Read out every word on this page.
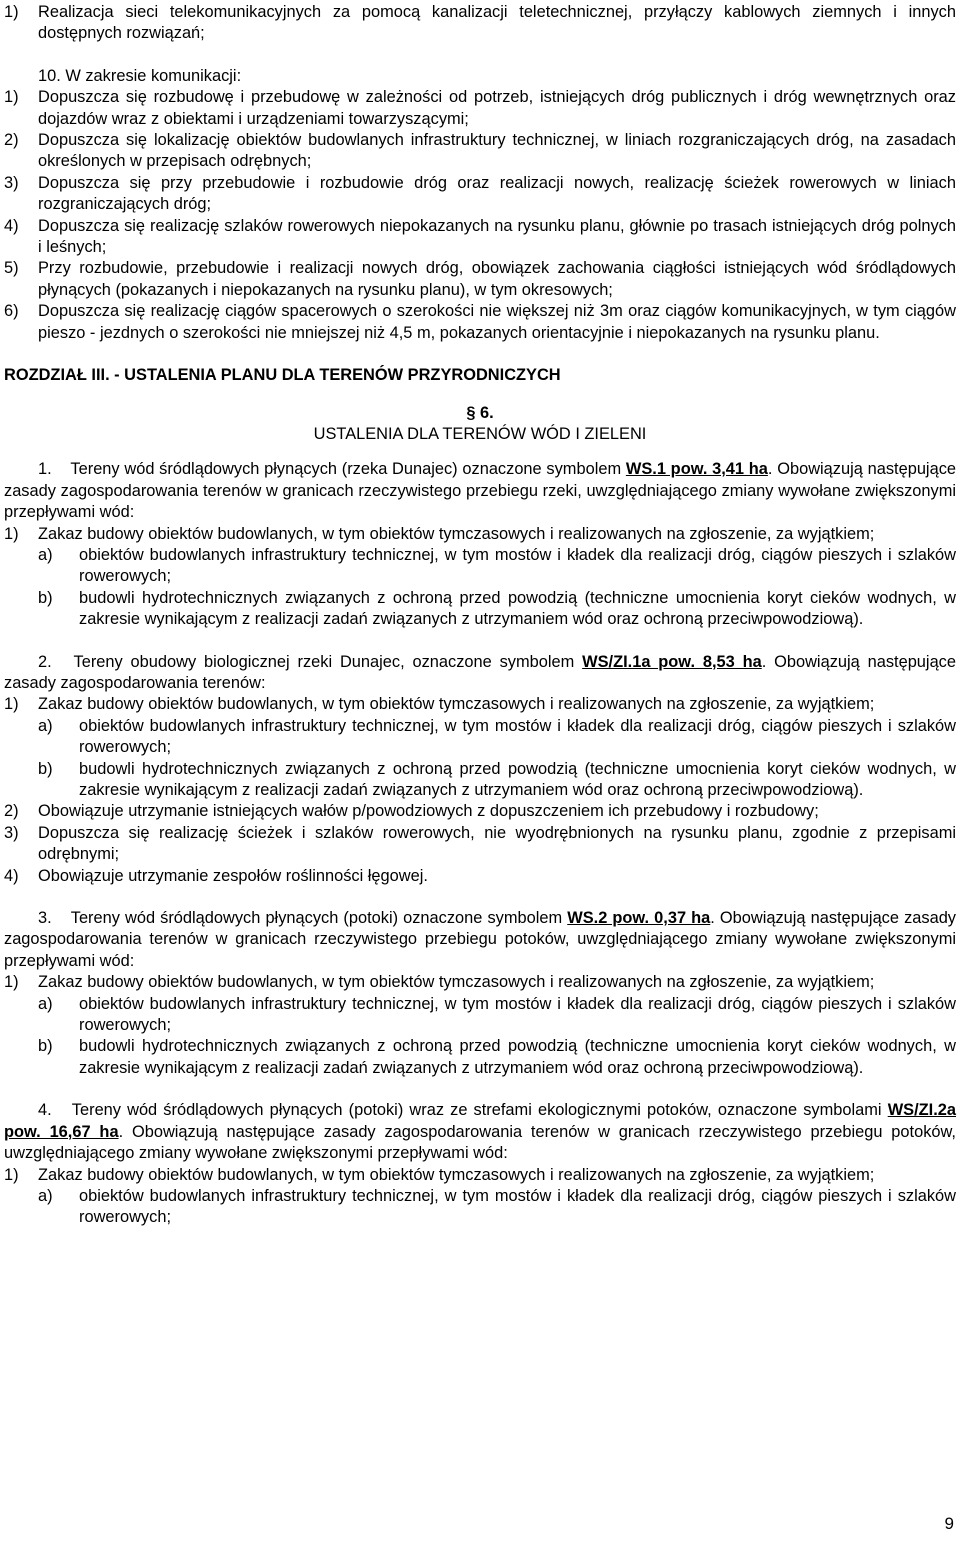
1)	Realizacja sieci telekomunikacyjnych za pomocą kanalizacji teletechnicznej, przyłączy kablowych ziemnych i innych dostępnych rozwiązań;

10. W zakresie komunikacji:

1)	Dopuszcza się rozbudowę i przebudowę w zależności od potrzeb, istniejących dróg publicznych i dróg wewnętrznych oraz dojazdów wraz z obiektami i urządzeniami towarzyszącymi;
2)	Dopuszcza się lokalizację obiektów budowlanych infrastruktury technicznej, w liniach rozgraniczających dróg, na zasadach określonych w przepisach odrębnych;
3)	Dopuszcza się przy przebudowie i rozbudowie dróg oraz realizacji nowych, realizację ścieżek rowerowych w liniach rozgraniczających dróg;
4)	Dopuszcza się realizację szlaków rowerowych niepokazanych na rysunku planu, głównie po trasach istniejących dróg polnych i leśnych;
5)	Przy rozbudowie, przebudowie i realizacji nowych dróg, obowiązek zachowania ciągłości istniejących wód śródlądowych płynących (pokazanych i niepokazanych na rysunku planu), w tym okresowych;
6)	Dopuszcza się realizację ciągów spacerowych o szerokości nie większej niż 3m oraz ciągów komunikacyjnych, w tym ciągów pieszo - jezdnych o szerokości nie mniejszej niż 4,5 m, pokazanych orientacyjnie i niepokazanych na rysunku planu.

ROZDZIAŁ III. - USTALENIA PLANU DLA TERENÓW PRZYRODNICZYCH

§ 6.

USTALENIA DLA TERENÓW WÓD I ZIELENI

1. Tereny wód śródlądowych płynących (rzeka Dunajec) oznaczone symbolem WS.1 pow. 3,41 ha. Obowiązują następujące zasady zagospodarowania terenów w granicach rzeczywistego przebiegu rzeki, uwzględniającego zmiany wywołane zwiększonymi przepływami wód:

1)	Zakaz budowy obiektów budowlanych, w tym obiektów tymczasowych i realizowanych na zgłoszenie, za wyjątkiem;
a)	obiektów budowlanych infrastruktury technicznej, w tym mostów i kładek dla realizacji dróg, ciągów pieszych i szlaków rowerowych;
b)	budowli hydrotechnicznych związanych z ochroną przed powodzią (techniczne umocnienia koryt cieków wodnych, w zakresie wynikającym z realizacji zadań związanych z utrzymaniem wód oraz ochroną przeciwpowodziową).

2. Tereny obudowy biologicznej rzeki Dunajec, oznaczone symbolem WS/ZI.1a pow. 8,53 ha. Obowiązują następujące zasady zagospodarowania terenów:

1)	Zakaz budowy obiektów budowlanych, w tym obiektów tymczasowych i realizowanych na zgłoszenie, za wyjątkiem;
a)	obiektów budowlanych infrastruktury technicznej, w tym mostów i kładek dla realizacji dróg, ciągów pieszych i szlaków rowerowych;
b)	budowli hydrotechnicznych związanych z ochroną przed powodzią (techniczne umocnienia koryt cieków wodnych, w zakresie wynikającym z realizacji zadań związanych z utrzymaniem wód oraz ochroną przeciwpowodziową).
2)	Obowiązuje utrzymanie istniejących wałów p/powodziowych z dopuszczeniem ich przebudowy i rozbudowy;
3)	Dopuszcza się realizację ścieżek i szlaków rowerowych, nie wyodrębnionych na rysunku planu, zgodnie z przepisami odrębnymi;
4)	Obowiązuje utrzymanie zespołów roślinności łęgowej.

3. Tereny wód śródlądowych płynących (potoki) oznaczone symbolem WS.2 pow. 0,37 ha. Obowiązują następujące zasady zagospodarowania terenów w granicach rzeczywistego przebiegu potoków, uwzględniającego zmiany wywołane zwiększonymi przepływami wód:

1)	Zakaz budowy obiektów budowlanych, w tym obiektów tymczasowych i realizowanych na zgłoszenie, za wyjątkiem;
a)	obiektów budowlanych infrastruktury technicznej, w tym mostów i kładek dla realizacji dróg, ciągów pieszych i szlaków rowerowych;
b)	budowli hydrotechnicznych związanych z ochroną przed powodzią (techniczne umocnienia koryt cieków wodnych, w zakresie wynikającym z realizacji zadań związanych z utrzymaniem wód oraz ochroną przeciwpowodziową).

4. Tereny wód śródlądowych płynących (potoki) wraz ze strefami ekologicznymi potoków, oznaczone symbolami WS/ZI.2a pow. 16,67 ha. Obowiązują następujące zasady zagospodarowania terenów w granicach rzeczywistego przebiegu potoków, uwzględniającego zmiany wywołane zwiększonymi przepływami wód:

1)	Zakaz budowy obiektów budowlanych, w tym obiektów tymczasowych i realizowanych na zgłoszenie, za wyjątkiem;
a)	obiektów budowlanych infrastruktury technicznej, w tym mostów i kładek dla realizacji dróg, ciągów pieszych i szlaków rowerowych;
9
